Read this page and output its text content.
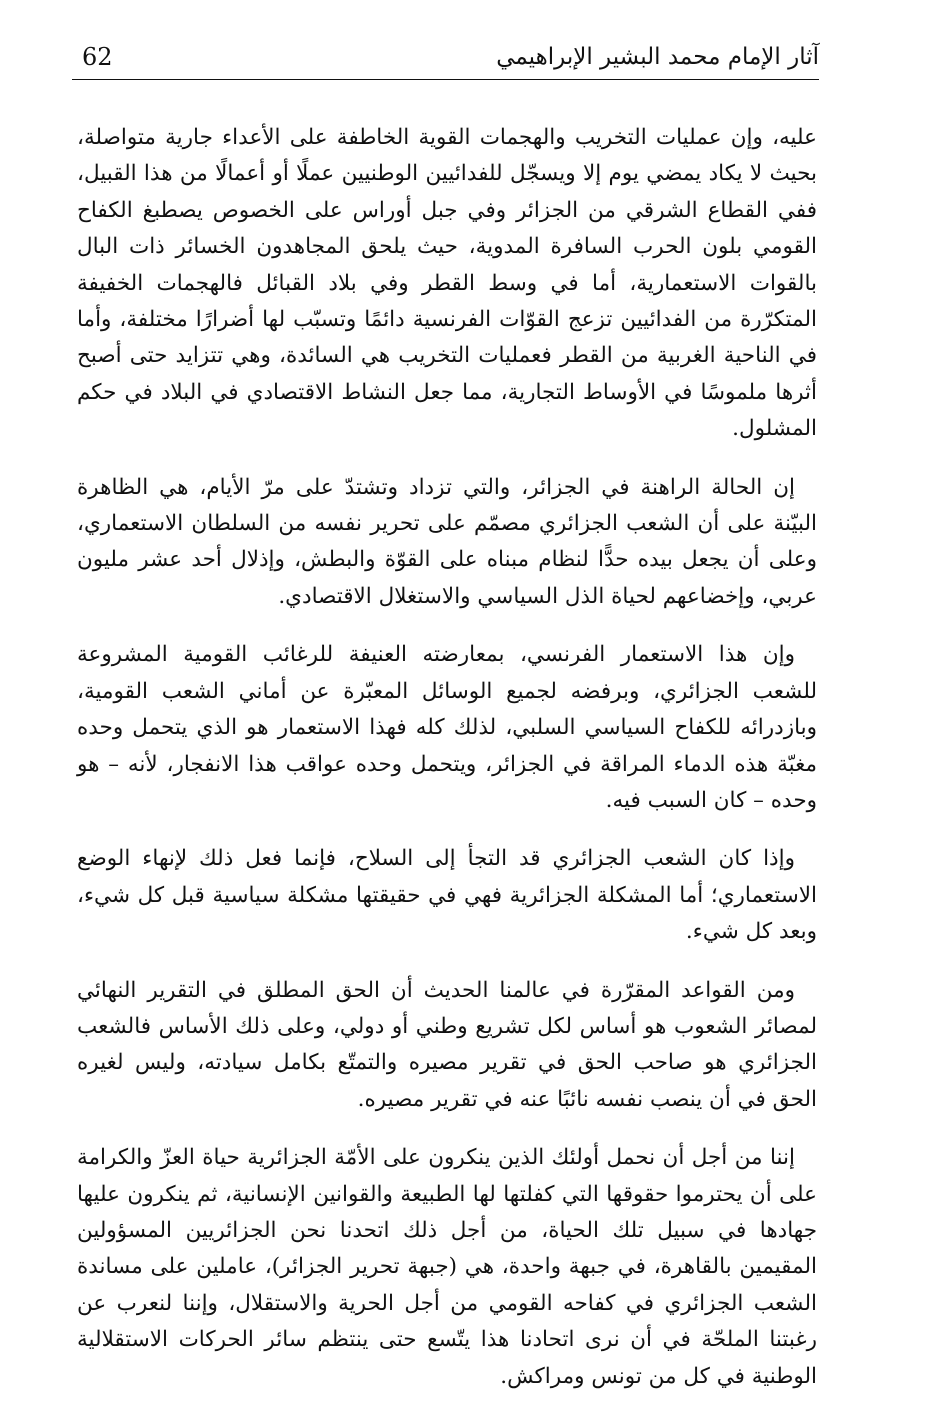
62	آثار الإمام محمد البشير الإبراهيمي

عليه، وإن عمليات التخريب والهجمات القوية الخاطفة على الأعداء جارية متواصلة، بحيث لا يكاد يمضي يوم إلا ويسجّل للفدائيين الوطنيين عملًا أو أعمالًا من هذا القبيل، ففي القطاع الشرقي من الجزائر وفي جبل أوراس على الخصوص يصطبغ الكفاح القومي بلون الحرب السافرة المدوية، حيث يلحق المجاهدون الخسائر ذات البال بالقوات الاستعمارية، أما في وسط القطر وفي بلاد القبائل فالهجمات الخفيفة المتكرّرة من الفدائيين تزعج القوّات الفرنسية دائمًا وتسبّب لها أضرارًا مختلفة، وأما في الناحية الغربية من القطر فعمليات التخريب هي السائدة، وهي تتزايد حتى أصبح أثرها ملموسًا في الأوساط التجارية، مما جعل النشاط الاقتصادي في البلاد في حكم المشلول.

إن الحالة الراهنة في الجزائر، والتي تزداد وتشتدّ على مرّ الأيام، هي الظاهرة البيّنة على أن الشعب الجزائري مصمّم على تحرير نفسه من السلطان الاستعماري، وعلى أن يجعل بيده حدًّا لنظام مبناه على القوّة والبطش، وإذلال أحد عشر مليون عربي، وإخضاعهم لحياة الذل السياسي والاستغلال الاقتصادي.

وإن هذا الاستعمار الفرنسي، بمعارضته العنيفة للرغائب القومية المشروعة للشعب الجزائري، وبرفضه لجميع الوسائل المعبّرة عن أماني الشعب القومية، وبازدرائه للكفاح السياسي السلبي، لذلك كله فهذا الاستعمار هو الذي يتحمل وحده مغبّة هذه الدماء المراقة في الجزائر، ويتحمل وحده عواقب هذا الانفجار، لأنه – هو وحده – كان السبب فيه.

وإذا كان الشعب الجزائري قد التجأ إلى السلاح، فإنما فعل ذلك لإنهاء الوضع الاستعماري؛ أما المشكلة الجزائرية فهي في حقيقتها مشكلة سياسية قبل كل شيء، وبعد كل شيء.

ومن القواعد المقرّرة في عالمنا الحديث أن الحق المطلق في التقرير النهائي لمصائر الشعوب هو أساس لكل تشريع وطني أو دولي، وعلى ذلك الأساس فالشعب الجزائري هو صاحب الحق في تقرير مصيره والتمتّع بكامل سيادته، وليس لغيره الحق في أن ينصب نفسه نائبًا عنه في تقرير مصيره.

إننا من أجل أن نحمل أولئك الذين ينكرون على الأمّة الجزائرية حياة العزّ والكرامة على أن يحترموا حقوقها التي كفلتها لها الطبيعة والقوانين الإنسانية، ثم ينكرون عليها جهادها في سبيل تلك الحياة، من أجل ذلك اتحدنا نحن الجزائريين المسؤولين المقيمين بالقاهرة، في جبهة واحدة، هي (جبهة تحرير الجزائر)، عاملين على مساندة الشعب الجزائري في كفاحه القومي من أجل الحرية والاستقلال، وإننا لنعرب عن رغبتنا الملحّة في أن نرى اتحادنا هذا يتّسع حتى ينتظم سائر الحركات الاستقلالية الوطنية في كل من تونس ومراكش.
